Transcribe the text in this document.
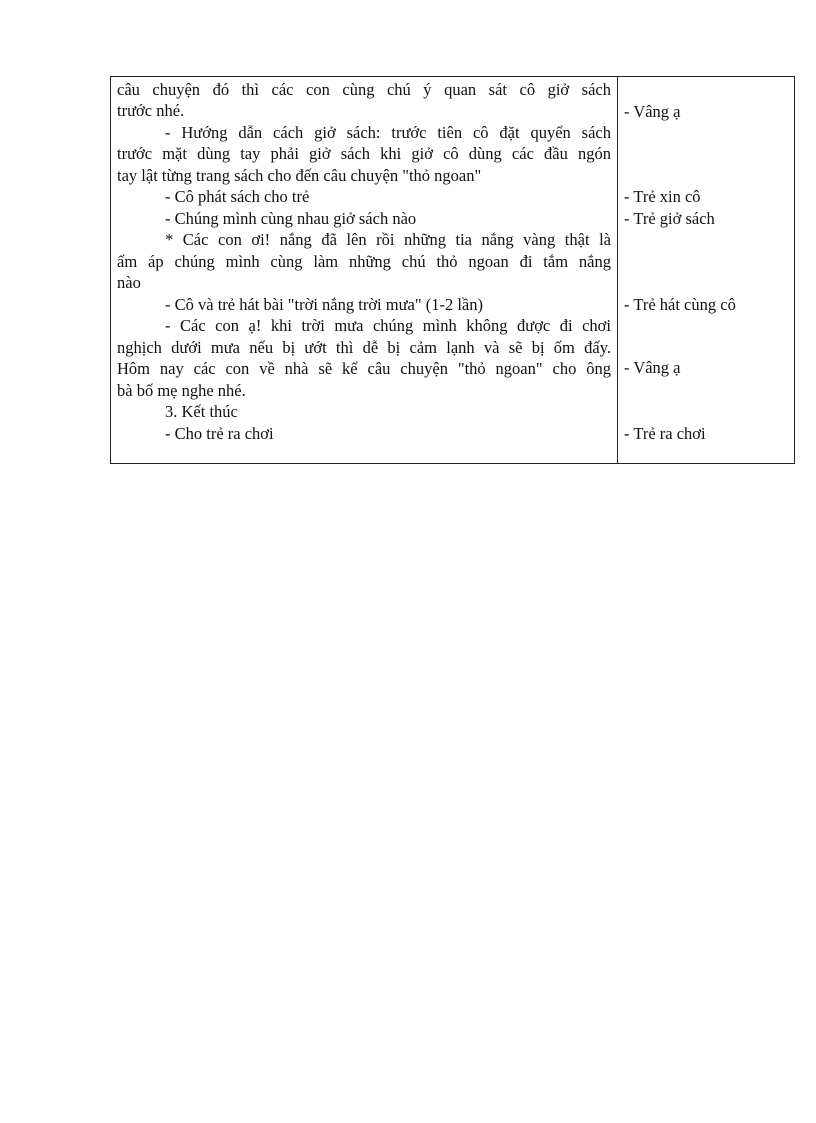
câu chuyện đó thì các con cùng chú ý quan sát cô giở sách
trước nhé.
- Hướng dẫn cách giở sách: trước tiên cô đặt quyển sách
trước mặt dùng tay phải giở sách khi giở cô dùng các đầu ngón
tay lật từng trang sách cho đến câu chuyện "thỏ ngoan"
- Cô phát sách cho trẻ
- Chúng mình cùng nhau giở sách nào
* Các con ơi! nắng đã lên rồi những tia nắng vàng thật là
ấm áp chúng mình cùng làm những chú thỏ ngoan đi tắm nắng
nào
- Cô và trẻ hát bài "trời nắng trời mưa" (1-2 lần)
- Các con ạ! khi trời mưa chúng mình không được đi chơi
nghịch dưới mưa nếu bị ướt thì dễ bị cảm lạnh và sẽ bị ốm đấy.
Hôm nay các con về nhà sẽ kể câu chuyện "thỏ ngoan" cho ông
bà bố mẹ nghe nhé.
3. Kết thúc
- Cho trẻ ra chơi
- Vâng ạ
- Trẻ xin cô
- Trẻ giở sách
- Trẻ hát cùng cô
- Vâng ạ
- Trẻ ra chơi
